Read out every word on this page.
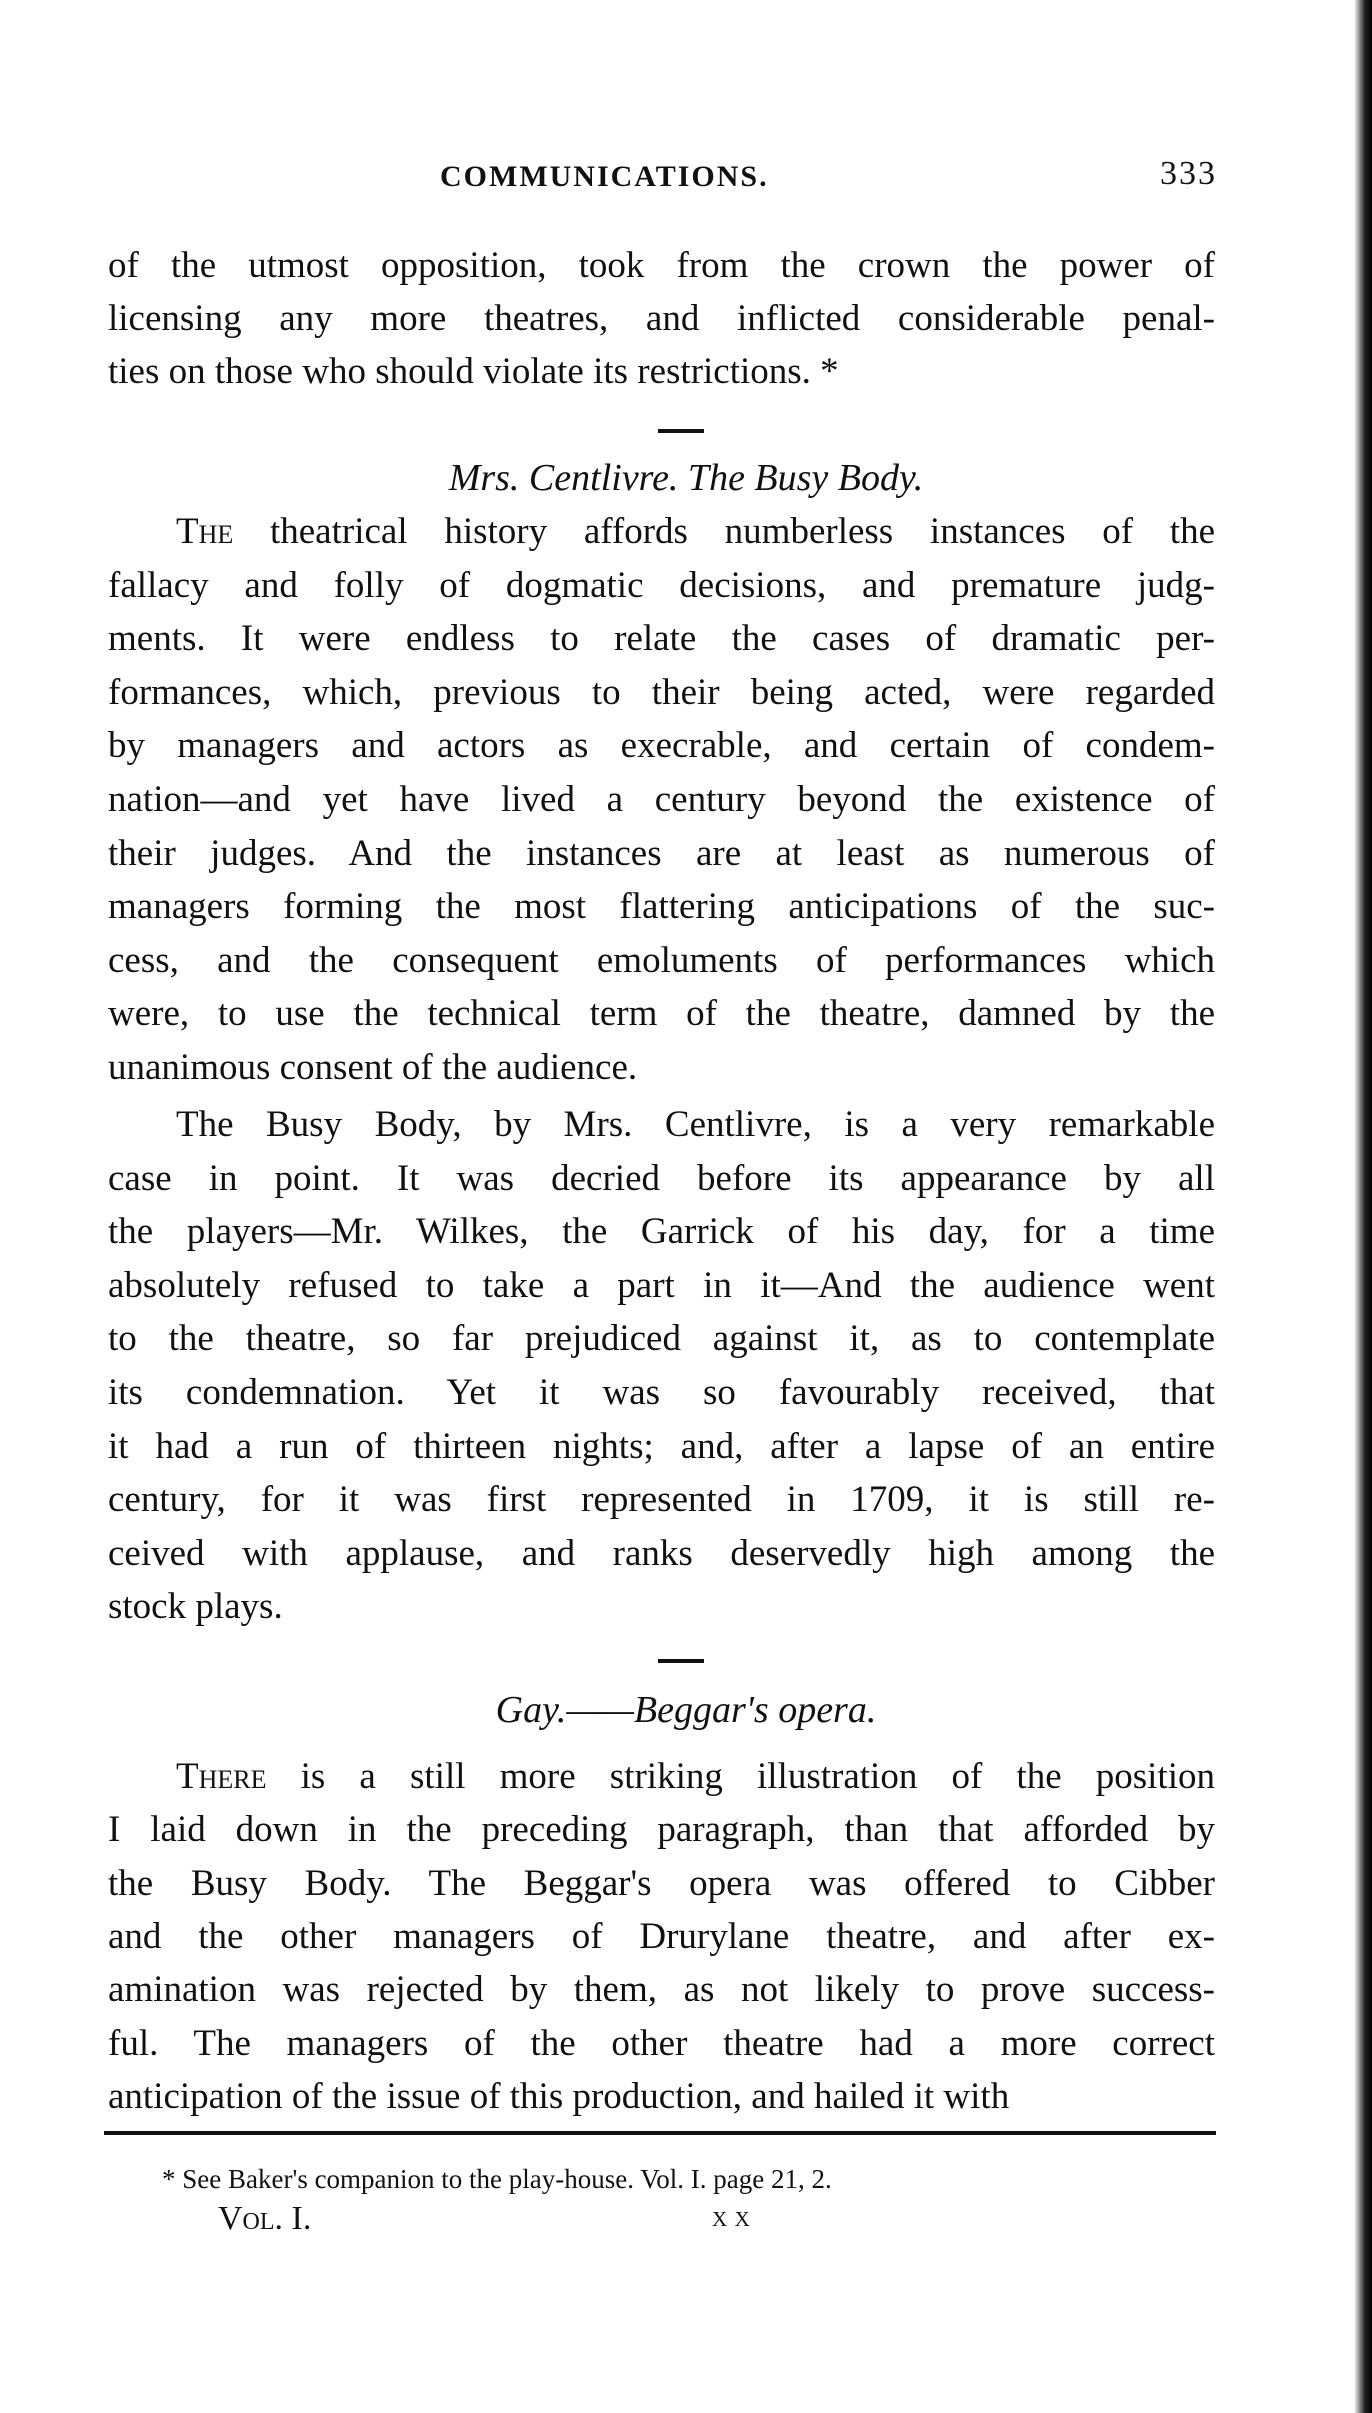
COMMUNICATIONS.	333
of the utmost opposition, took from the crown the power of
licensing any more theatres, and inflicted considerable penal-
ties on those who should violate its restrictions. *
The theatrical history affords numberless instances of the
fallacy and folly of dogmatic decisions, and premature judg-
ments. It were endless to relate the cases of dramatic per-
formances, which, previous to their being acted, were regarded
by managers and actors as execrable, and certain of condem-
nation—and yet have lived a century beyond the existence of
their judges. And the instances are at least as numerous of
managers forming the most flattering anticipations of the suc-
cess, and the consequent emoluments of performances which
were, to use the technical term of the theatre, damned by the
unanimous consent of the audience.
The Busy Body, by Mrs. Centlivre, is a very remarkable
case in point. It was decried before its appearance by all
the players—Mr. Wilkes, the Garrick of his day, for a time
absolutely refused to take a part in it—And the audience went
to the theatre, so far prejudiced against it, as to contemplate
its condemnation. Yet it was so favourably received, that
it had a run of thirteen nights; and, after a lapse of an entire
century, for it was first represented in 1709, it is still re-
ceived with applause, and ranks deservedly high among the
stock plays.
There is a still more striking illustration of the position
I laid down in the preceding paragraph, than that afforded by
the Busy Body. The Beggar's opera was offered to Cibber
and the other managers of Drurylane theatre, and after ex-
amination was rejected by them, as not likely to prove success-
ful. The managers of the other theatre had a more correct
anticipation of the issue of this production, and hailed it with
Mrs. Centlivre. The Busy Body.
Gay.——Beggar's opera.
* See Baker's companion to the play-house. Vol. I. page 21, 2.
Vol. I.	x x
